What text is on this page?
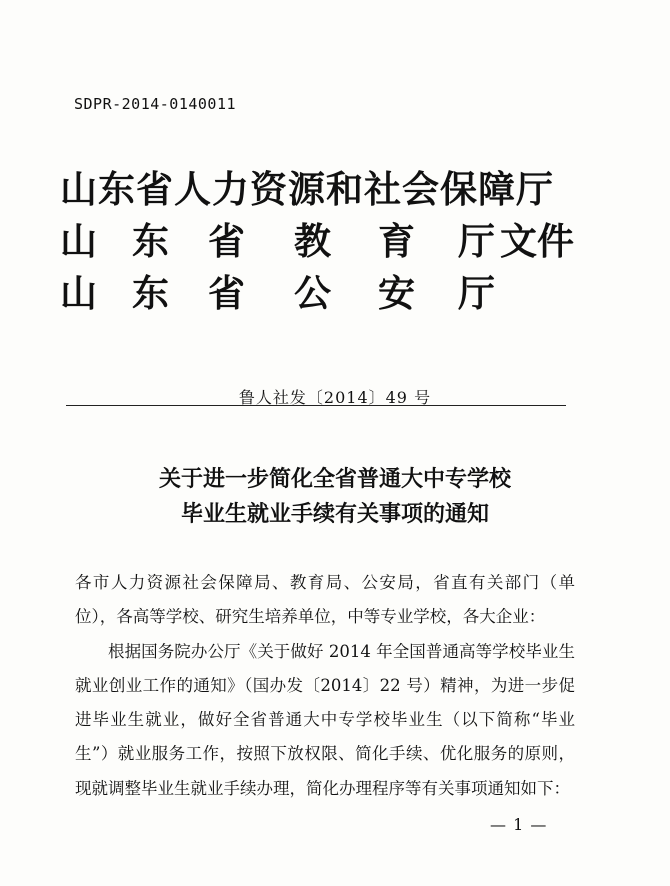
SDPR-2014-0140011
山东省人力资源和社会保障厅
山 东 省 教 育 厅 文件
山 东 省 公 安 厅
鲁人社发〔2014〕49 号
关于进一步简化全省普通大中专学校
毕业生就业手续有关事项的通知

各市人力资源社会保障局、教育局、公安局，省直有关部门（单位），各高等学校、研究生培养单位，中等专业学校，各大企业：

根据国务院办公厅《关于做好 2014 年全国普通高等学校毕业生就业创业工作的通知》（国办发〔2014〕22 号）精神，为进一步促进毕业生就业，做好全省普通大中专学校毕业生（以下简称“毕业生”）就业服务工作，按照下放权限、简化手续、优化服务的原则，现就调整毕业生就业手续办理，简化办理程序等有关事项通知如下：

— 1 —
